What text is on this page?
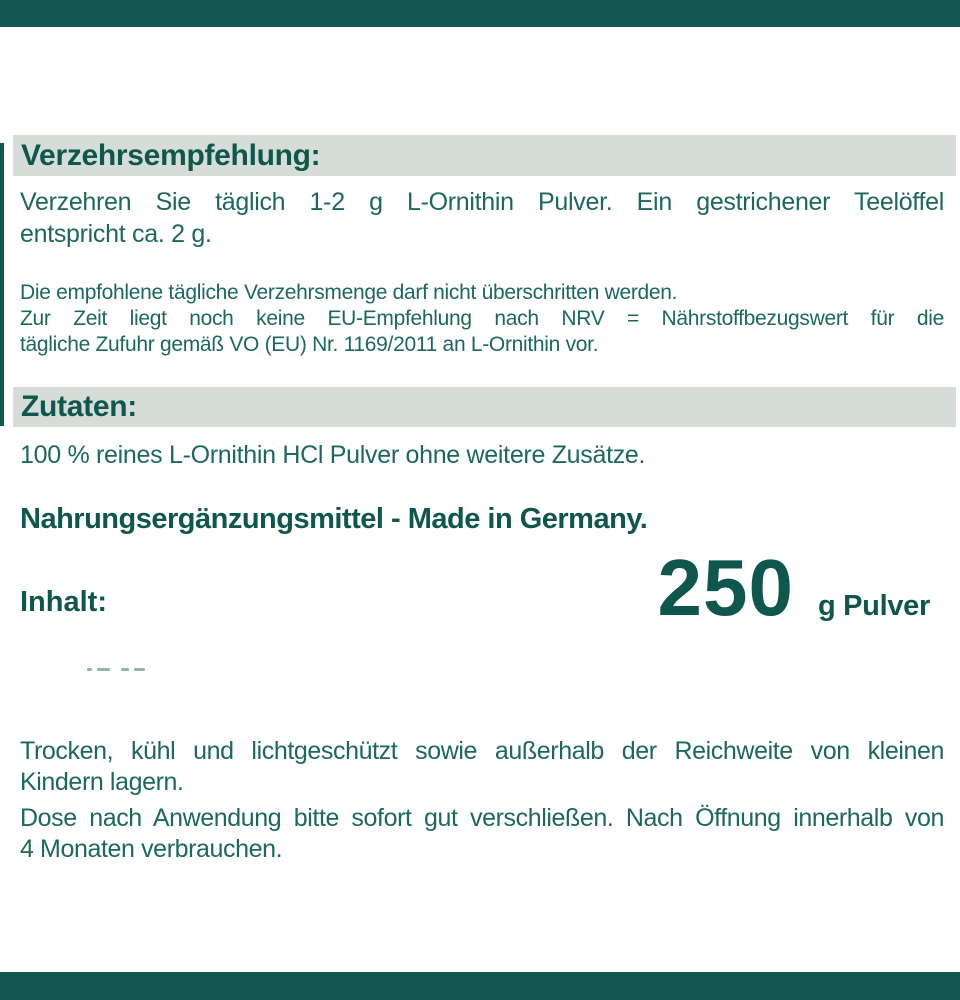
Verzehrsempfehlung:
Verzehren Sie täglich 1-2 g L-Ornithin Pulver. Ein gestrichener Teelöffel
entspricht ca. 2 g.
Die empfohlene tägliche Verzehrsmenge darf nicht überschritten werden.
Zur Zeit liegt noch keine EU-Empfehlung nach NRV = Nährstoffbezugswert für die
tägliche Zufuhr gemäß VO (EU) Nr. 1169/2011 an L-Ornithin vor.
Zutaten:
100 % reines L-Ornithin HCl Pulver ohne weitere Zusätze.
Nahrungsergänzungsmittel - Made in Germany.
Inhalt:	250 g Pulver
Trocken, kühl und lichtgeschützt sowie außerhalb der Reichweite von kleinen
Kindern lagern.
Dose nach Anwendung bitte sofort gut verschließen. Nach Öffnung innerhalb von
4 Monaten verbrauchen.
